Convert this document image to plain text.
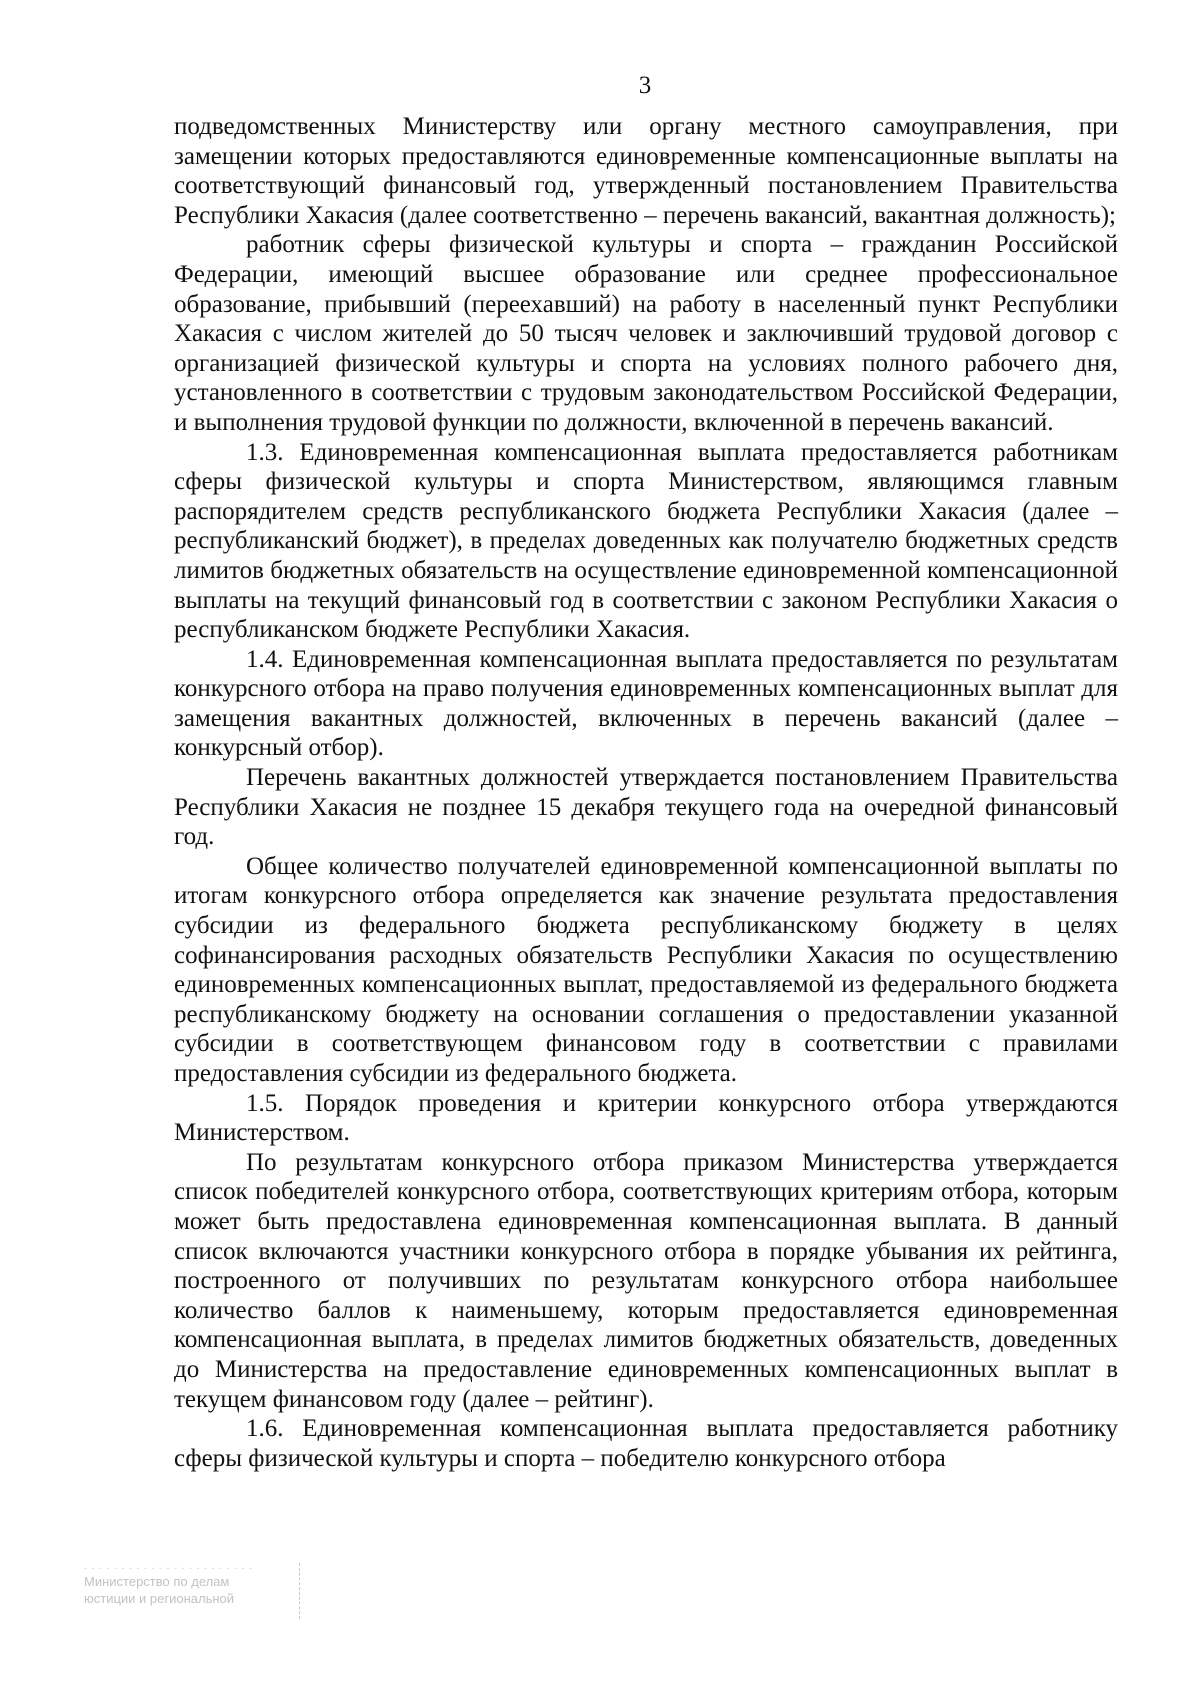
3

подведомственных Министерству или органу местного самоуправления, при замещении которых предоставляются единовременные компенсационные выплаты на соответствующий финансовый год, утвержденный постановлением Правительства Республики Хакасия (далее соответственно – перечень вакансий, вакантная должность);

работник сферы физической культуры и спорта – гражданин Российской Федерации, имеющий высшее образование или среднее профессиональное образование, прибывший (переехавший) на работу в населенный пункт Республики Хакасия с числом жителей до 50 тысяч человек и заключивший трудовой договор с организацией физической культуры и спорта на условиях полного рабочего дня, установленного в соответствии с трудовым законодательством Российской Федерации, и выполнения трудовой функции по должности, включенной в перечень вакансий.

1.3. Единовременная компенсационная выплата предоставляется работникам сферы физической культуры и спорта Министерством, являющимся главным распорядителем средств республиканского бюджета Республики Хакасия (далее – республиканский бюджет), в пределах доведенных как получателю бюджетных средств лимитов бюджетных обязательств на осуществление единовременной компенсационной выплаты на текущий финансовый год в соответствии с законом Республики Хакасия о республиканском бюджете Республики Хакасия.

1.4. Единовременная компенсационная выплата предоставляется по результатам конкурсного отбора на право получения единовременных компенсационных выплат для замещения вакантных должностей, включенных в перечень вакансий (далее – конкурсный отбор).

Перечень вакантных должностей утверждается постановлением Правительства Республики Хакасия не позднее 15 декабря текущего года на очередной финансовый год.

Общее количество получателей единовременной компенсационной выплаты по итогам конкурсного отбора определяется как значение результата предоставления субсидии из федерального бюджета республиканскому бюджету в целях софинансирования расходных обязательств Республики Хакасия по осуществлению единовременных компенсационных выплат, предоставляемой из федерального бюджета республиканскому бюджету на основании соглашения о предоставлении указанной субсидии в соответствующем финансовом году в соответствии с правилами предоставления субсидии из федерального бюджета.

1.5. Порядок проведения и критерии конкурсного отбора утверждаются Министерством.

По результатам конкурсного отбора приказом Министерства утверждается список победителей конкурсного отбора, соответствующих критериям отбора, которым может быть предоставлена единовременная компенсационная выплата. В данный список включаются участники конкурсного отбора в порядке убывания их рейтинга, построенного от получивших по результатам конкурсного отбора наибольшее количество баллов к наименьшему, которым предоставляется единовременная компенсационная выплата, в пределах лимитов бюджетных обязательств, доведенных до Министерства на предоставление единовременных компенсационных выплат в текущем финансовом году (далее – рейтинг).

1.6. Единовременная компенсационная выплата предоставляется работнику сферы физической культуры и спорта – победителю конкурсного отбора

- - - - - - - - - - - - - - - - - - - - - - -
Министерство по делам
юстиции и региональной
